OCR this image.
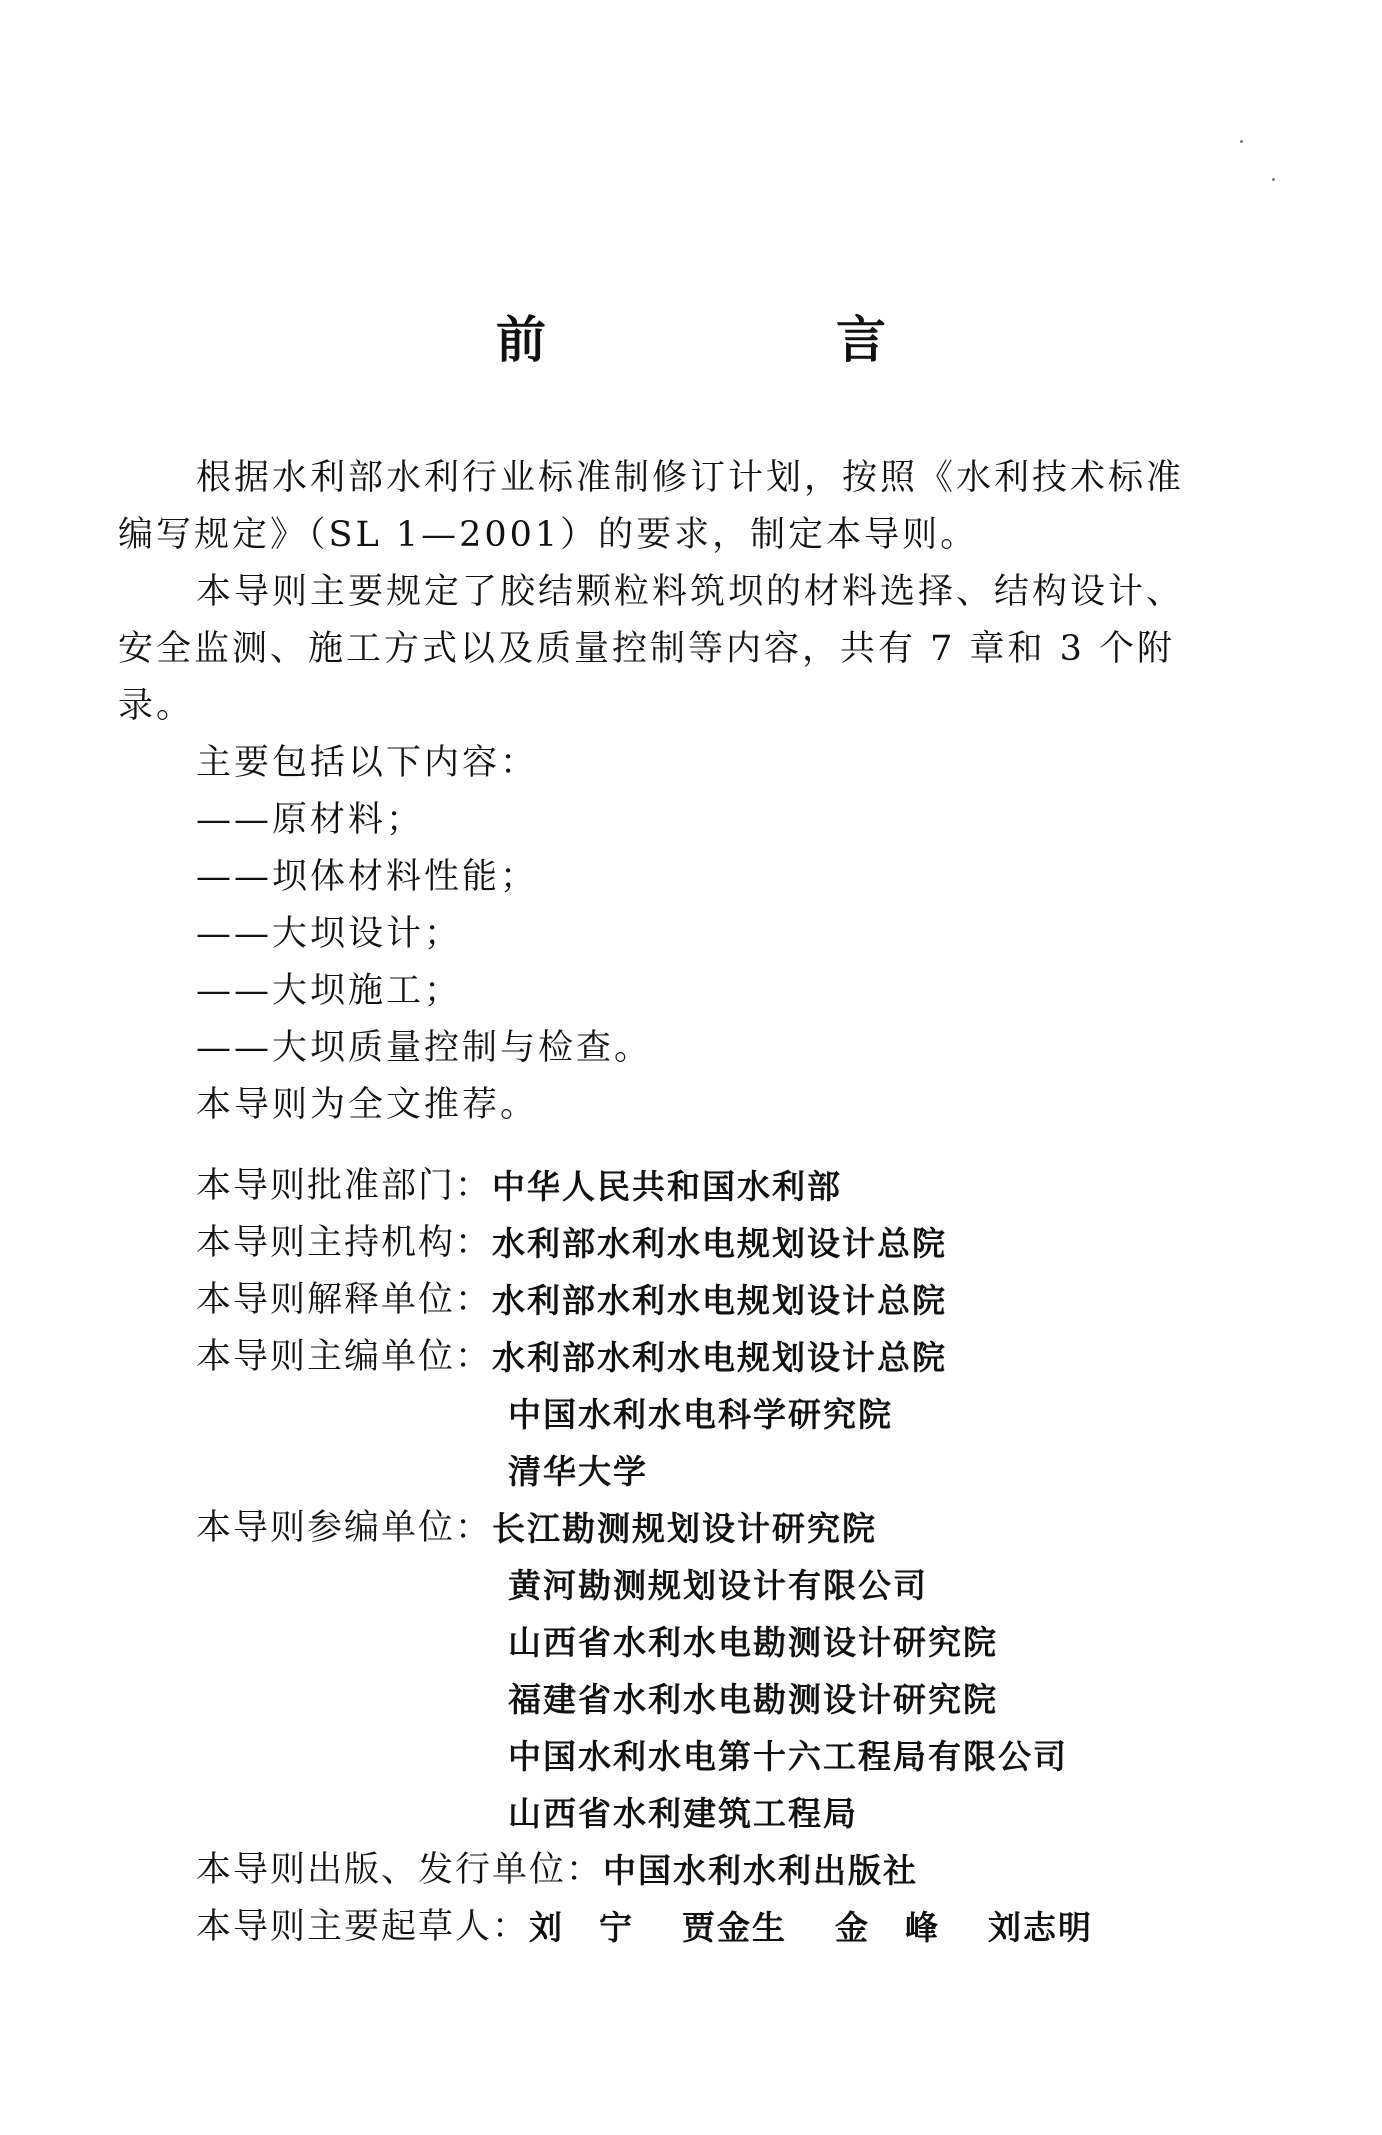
前　言

根据水利部水利行业标准制修订计划，按照《水利技术标准编写规定》（SL 1—2001）的要求，制定本导则。

本导则主要规定了胶结颗粒料筑坝的材料选择、结构设计、安全监测、施工方式以及质量控制等内容，共有 7 章和 3 个附录。

主要包括以下内容：

——原材料；

——坝体材料性能；

——大坝设计；

——大坝施工；

——大坝质量控制与检查。

本导则为全文推荐。

本导则批准部门： 中华人民共和国水利部
本导则主持机构： 水利部水利水电规划设计总院
本导则解释单位： 水利部水利水电规划设计总院
本导则主编单位： 水利部水利水电规划设计总院
中国水利水电科学研究院
清华大学
本导则参编单位： 长江勘测规划设计研究院
黄河勘测规划设计有限公司
山西省水利水电勘测设计研究院
福建省水利水电勘测设计研究院
中国水利水电第十六工程局有限公司
山西省水利建筑工程局
本导则出版、发行单位： 中国水利水利出版社
本导则主要起草人： 刘　宁 贾金生 金　峰 刘志明
